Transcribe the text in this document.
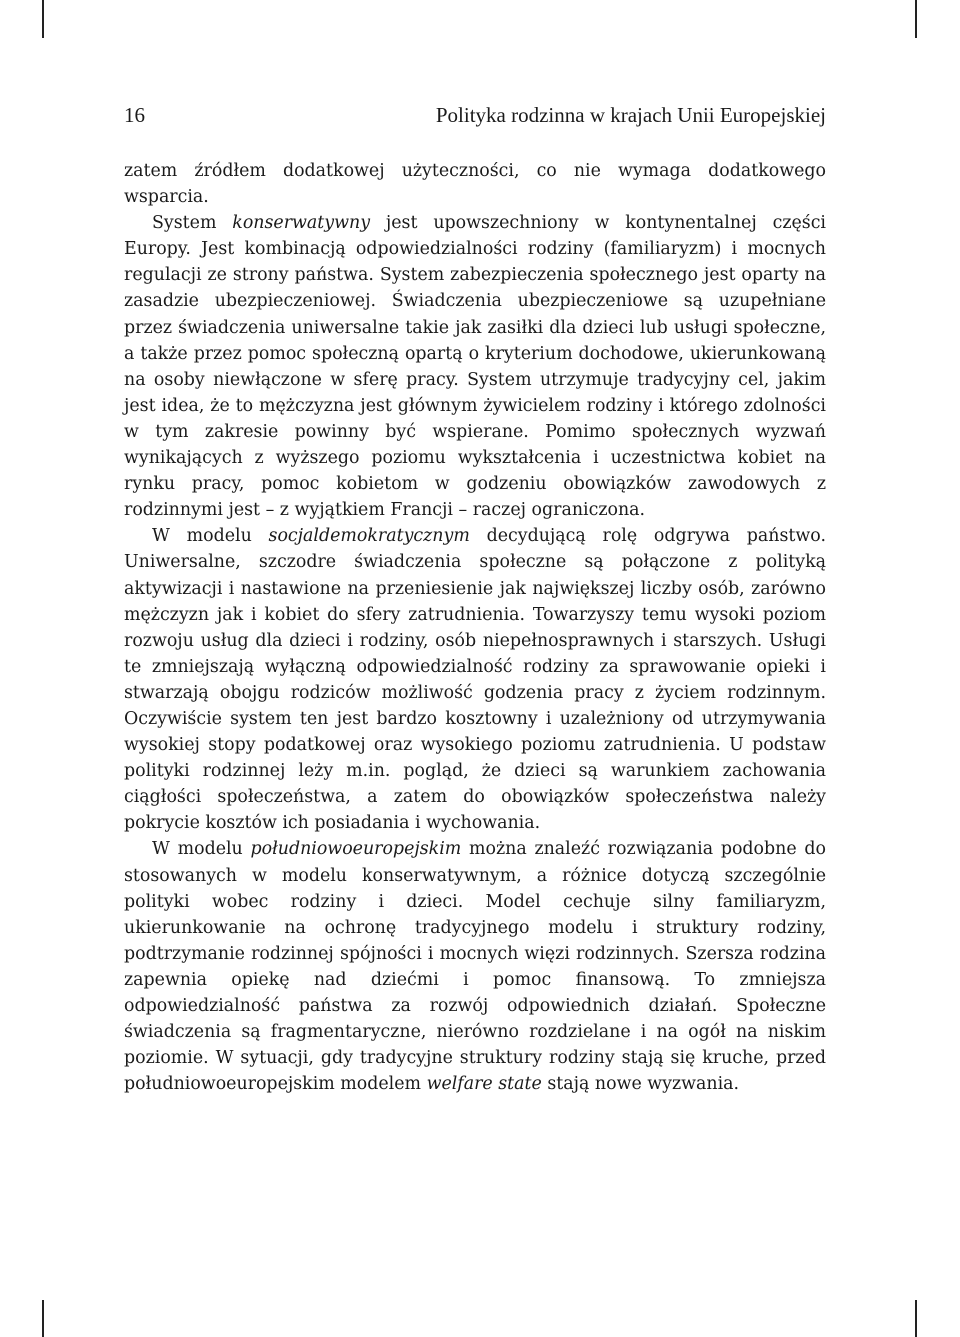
16	Polityka rodzinna w krajach Unii Europejskiej

zatem źródłem dodatkowej użyteczności, co nie wymaga dodatkowego wsparcia.

System konserwatywny jest upowszechniony w kontynentalnej części Europy. Jest kombinacją odpowiedzialności rodziny (familiaryzm) i mocnych regulacji ze strony państwa. System zabezpieczenia społecznego jest oparty na zasadzie ubezpieczeniowej. Świadczenia ubezpieczeniowe są uzupełniane przez świadczenia uniwersalne takie jak zasiłki dla dzieci lub usługi społeczne, a także przez pomoc społeczną opartą o kryterium dochodowe, ukierunkowaną na osoby niewłączone w sferę pracy. System utrzymuje tradycyjny cel, jakim jest idea, że to mężczyzna jest głównym żywicielem rodziny i którego zdolności w tym zakresie powinny być wspierane. Pomimo społecznych wyzwań wynikających z wyższego poziomu wykształcenia i uczestnictwa kobiet na rynku pracy, pomoc kobietom w godzeniu obowiązków zawodowych z rodzinnymi jest – z wyjątkiem Francji – raczej ograniczona.

W modelu socjaldemokratycznym decydującą rolę odgrywa państwo. Uniwersalne, szczodre świadczenia społeczne są połączone z polityką aktywizacji i nastawione na przeniesienie jak największej liczby osób, zarówno mężczyzn jak i kobiet do sfery zatrudnienia. Towarzyszy temu wysoki poziom rozwoju usług dla dzieci i rodziny, osób niepełnosprawnych i starszych. Usługi te zmniejszają wyłączną odpowiedzialność rodziny za sprawowanie opieki i stwarzają obojgu rodziców możliwość godzenia pracy z życiem rodzinnym. Oczywiście system ten jest bardzo kosztowny i uzależniony od utrzymywania wysokiej stopy podatkowej oraz wysokiego poziomu zatrudnienia. U podstaw polityki rodzinnej leży m.in. pogląd, że dzieci są warunkiem zachowania ciągłości społeczeństwa, a zatem do obowiązków społeczeństwa należy pokrycie kosztów ich posiadania i wychowania.

W modelu południowoeuropejskim można znaleźć rozwiązania podobne do stosowanych w modelu konserwatywnym, a różnice dotyczą szczególnie polityki wobec rodziny i dzieci. Model cechuje silny familiaryzm, ukierunkowanie na ochronę tradycyjnego modelu i struktury rodziny, podtrzymanie rodzinnej spójności i mocnych więzi rodzinnych. Szersza rodzina zapewnia opiekę nad dziećmi i pomoc finansową. To zmniejsza odpowiedzialność państwa za rozwój odpowiednich działań. Społeczne świadczenia są fragmentaryczne, nierówno rozdzielane i na ogół na niskim poziomie. W sytuacji, gdy tradycyjne struktury rodziny stają się kruche, przed południowoeuropejskim modelem welfare state stają nowe wyzwania.
